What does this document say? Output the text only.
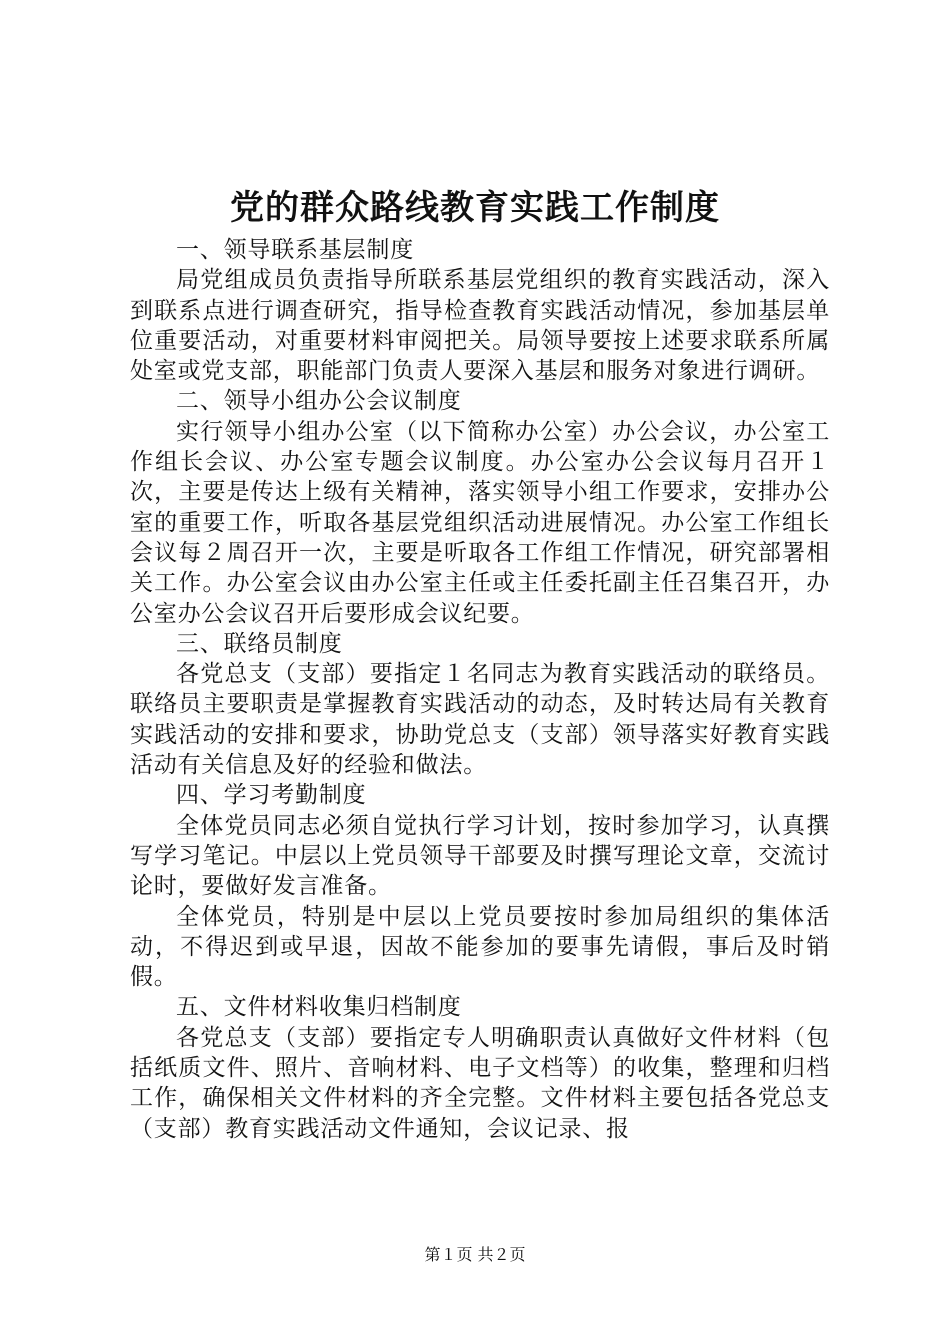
党的群众路线教育实践工作制度

一、领导联系基层制度

局党组成员负责指导所联系基层党组织的教育实践活动，深入到联系点进行调查研究，指导检查教育实践活动情况，参加基层单位重要活动，对重要材料审阅把关。局领导要按上述要求联系所属处室或党支部，职能部门负责人要深入基层和服务对象进行调研。

二、领导小组办公会议制度

实行领导小组办公室（以下简称办公室）办公会议，办公室工作组长会议、办公室专题会议制度。办公室办公会议每月召开１次，主要是传达上级有关精神，落实领导小组工作要求，安排办公室的重要工作，听取各基层党组织活动进展情况。办公室工作组长会议每２周召开一次，主要是听取各工作组工作情况，研究部署相关工作。办公室会议由办公室主任或主任委托副主任召集召开，办公室办公会议召开后要形成会议纪要。

三、联络员制度

各党总支（支部）要指定１名同志为教育实践活动的联络员。联络员主要职责是掌握教育实践活动的动态，及时转达局有关教育实践活动的安排和要求，协助党总支（支部）领导落实好教育实践活动有关信息及好的经验和做法。

四、学习考勤制度

全体党员同志必须自觉执行学习计划，按时参加学习，认真撰写学习笔记。中层以上党员领导干部要及时撰写理论文章，交流讨论时，要做好发言准备。

全体党员，特别是中层以上党员要按时参加局组织的集体活动，不得迟到或早退，因故不能参加的要事先请假，事后及时销假。

五、文件材料收集归档制度

各党总支（支部）要指定专人明确职责认真做好文件材料（包括纸质文件、照片、音响材料、电子文档等）的收集，整理和归档工作，确保相关文件材料的齐全完整。文件材料主要包括各党总支（支部）教育实践活动文件通知，会议记录、报

第１页 共２页
